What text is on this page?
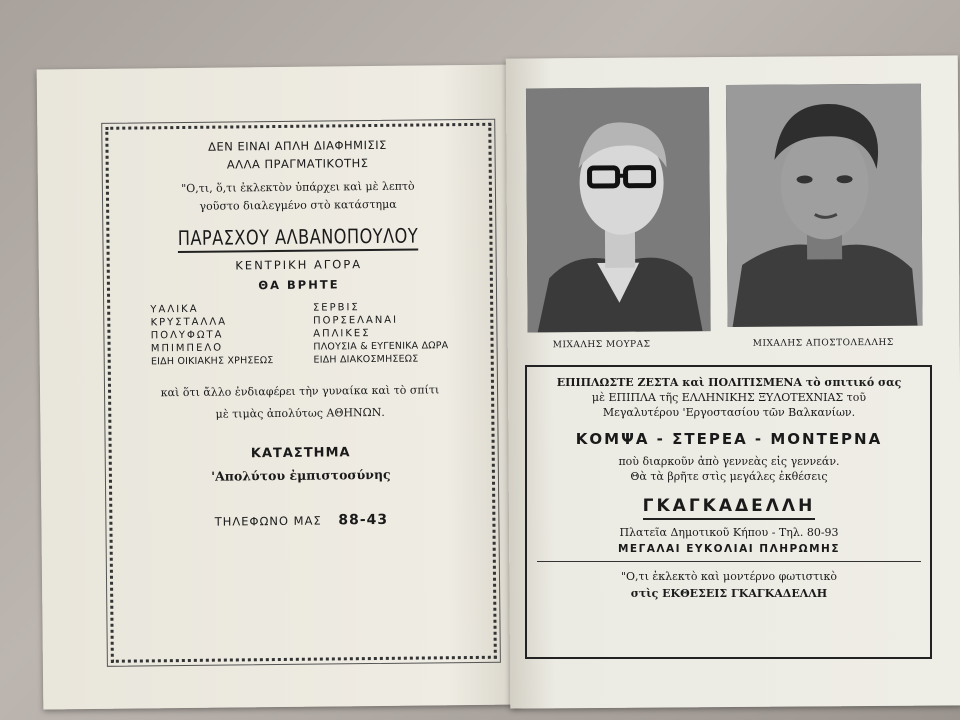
ΔΕΝ ΕΙΝΑΙ ΑΠΛΗ ΔΙΑΦΗΜΙΣΙΣ
ΑΛΛΑ ΠΡΑΓΜΑΤΙΚΟΤΗΣ
"Ο,τι, ὅ,τι ἐκλεκτὸν ὑπάρχει καὶ μὲ λεπτὸ
γοῦστο διαλεγμένο στὸ κατάστημα
ΠΑΡΑΣΧΟΥ ΑΛΒΑΝΟΠΟΥΛΟΥ
ΚΕΝΤΡΙΚΗ ΑΓΟΡΑ
ΘΑ ΒΡΗΤΕ
ΥΑΛΙΚΑ
ΚΡΥΣΤΑΛΛΑ
ΠΟΛΥΦΩΤΑ
ΜΠΙΜΠΕΛΟ
ΕΙΔΗ ΟΙΚΙΑΚΗΣ ΧΡΗΣΕΩΣ
ΣΕΡΒΙΣ
ΠΟΡΣΕΛΑΝΑΙ
ΑΠΛΙΚΕΣ
ΠΛΟΥΣΙΑ & ΕΥΓΕΝΙΚΑ ΔΩΡΑ
ΕΙΔΗ ΔΙΑΚΟΣΜΗΣΕΩΣ
καὶ ὅτι ἄλλο ἐνδιαφέρει τὴν γυναίκα καὶ τὸ σπίτι
μὲ τιμὰς ἀπολύτως ΑΘΗΝΩΝ.
ΚΑΤΑΣΤΗΜΑ
'Απολύτου ἐμπιστοσύνης
ΤΗΛΕΦΩΝΟ ΜΑΣ 88-43
ΜΙΧΑΛΗΣ ΜΟΥΡΑΣ	ΜΙΧΑΛΗΣ ΑΠΟΣΤΟΛΕΛΛΗΣ
ΕΠΙΠΛΩΣΤΕ ΖΕΣΤΑ καὶ ΠΟΛΙΤΙΣΜΕΝΑ τὸ σπιτικό σας
μὲ ΕΠΙΠΛΑ τῆς ΕΛΛΗΝΙΚΗΣ ΞΥΛΟΤΕΧΝΙΑΣ τοῦ
Μεγαλυτέρου 'Εργοστασίου τῶν Βαλκανίων.
ΚΟΜΨΑ - ΣΤΕΡΕΑ - ΜΟΝΤΕΡΝΑ
ποὺ διαρκοῦν ἀπὸ γεννεὰς εἰς γεννεάν.
Θὰ τὰ βρῆτε στὶς μεγάλες ἐκθέσεις
ΓΚΑΓΚΑΔΕΛΛΗ
Πλατεῖα Δημοτικοῦ Κήπου - Τηλ. 80-93
ΜΕΓΑΛΑΙ ΕΥΚΟΛΙΑΙ ΠΛΗΡΩΜΗΣ
"Ο,τι ἐκλεκτὸ καὶ μοντέρνο φωτιστικὸ
στὶς ΕΚΘΕΣΕΙΣ ΓΚΑΓΚΑΔΕΛΛΗ
